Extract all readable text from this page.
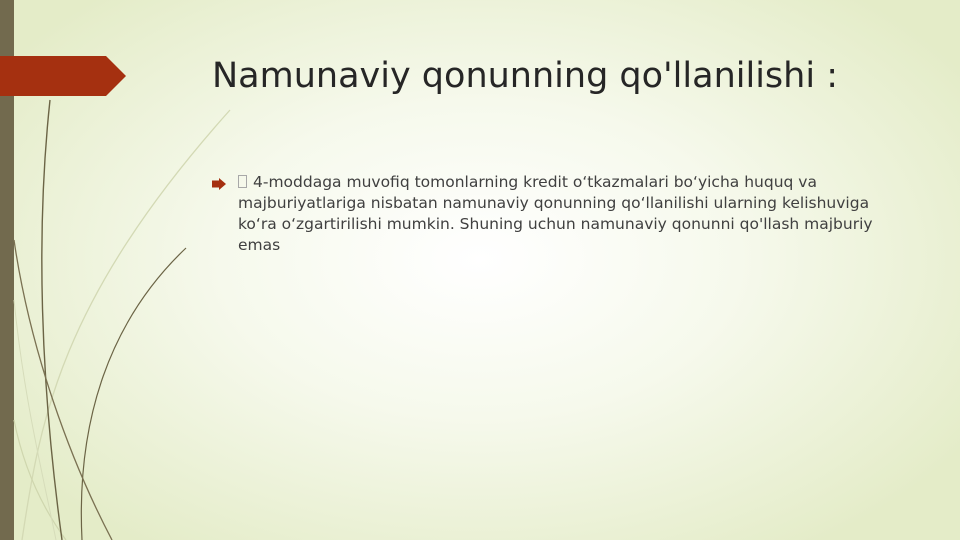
Namunaviy qonunning qo'llanilishi :
4-moddaga muvofiq tomonlarning kredit o‘tkazmalari bo‘yicha huquq va majburiyatlariga nisbatan namunaviy qonunning qo‘llanilishi ularning kelishuviga ko‘ra o‘zgartirilishi mumkin. Shuning uchun namunaviy qonunni qo'llash majburiy emas
